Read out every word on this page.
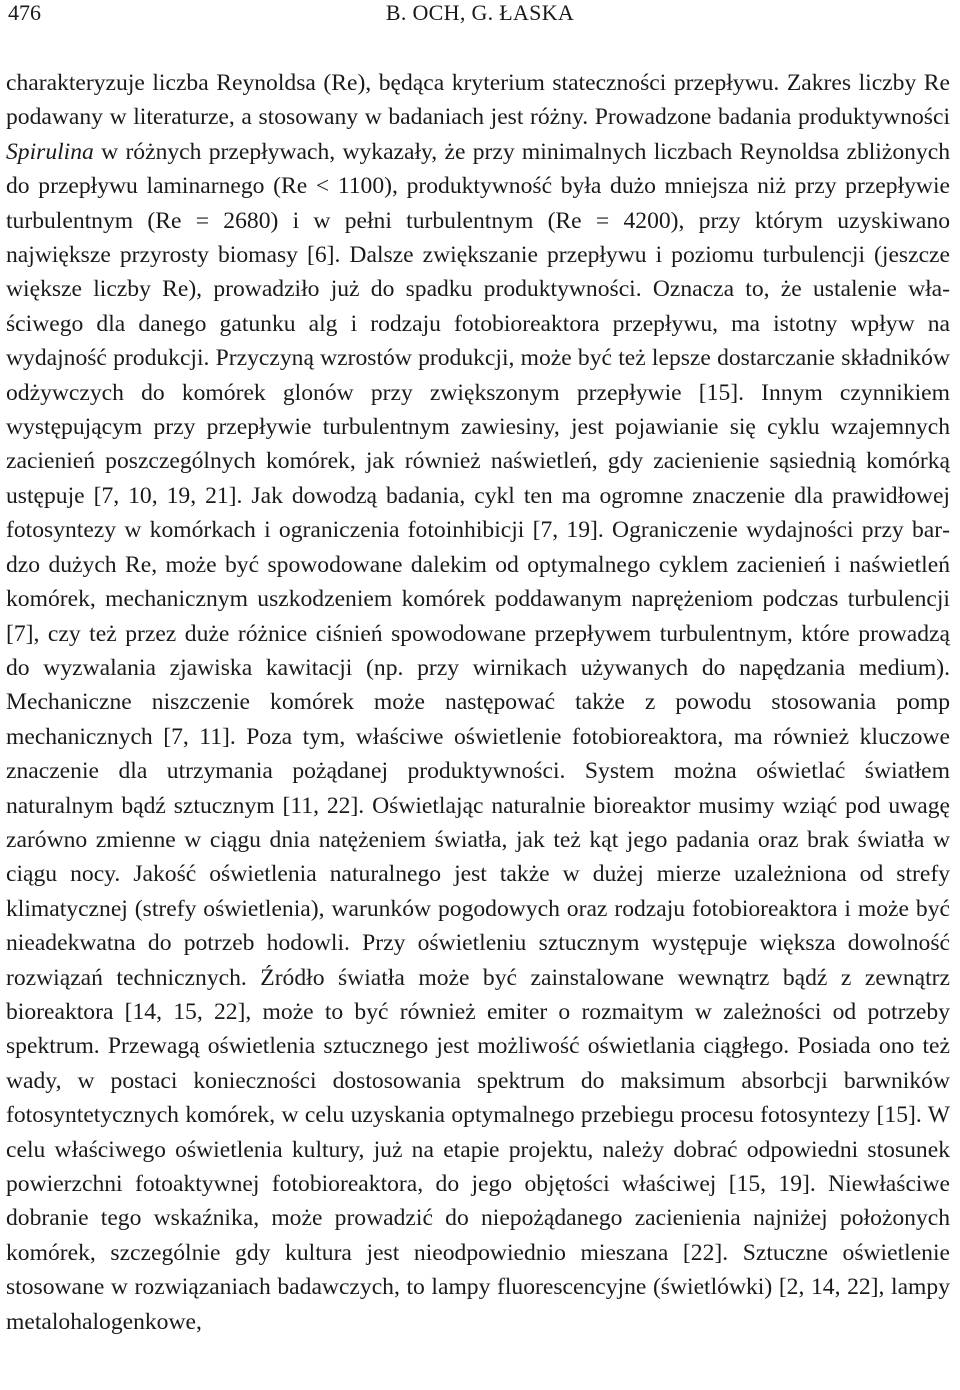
476	B. OCH, G. ŁASKA

charakteryzuje liczba Reynoldsa (Re), będąca kryterium stateczności przepływu. Zakres liczby Re podawany w literaturze, a stosowany w badaniach jest różny. Prowadzone badania produktywności Spirulina w różnych przepływach, wykazały, że przy minimalnych liczbach Reynoldsa zbliżonych do przepływu laminarnego (Re < 1100), produktywność była dużo mniejsza niż przy przepływie turbulentnym (Re = 2680) i w pełni turbulentnym (Re = 4200), przy którym uzyskiwano największe przyrosty biomasy [6]. Dalsze zwiększanie przepływu i poziomu turbulencji (jeszcze większe liczby Re), prowadziło już do spadku produktywności. Oznacza to, że ustalenie właściwego dla danego gatunku alg i rodzaju fotobioreaktora przepływu, ma istotny wpływ na wydajność produkcji. Przyczyną wzrostów produkcji, może być też lepsze dostarczanie składników odżywczych do komórek glonów przy zwiększonym przepływie [15]. Innym czynnikiem występującym przy przepływie turbulentnym zawiesiny, jest pojawianie się cyklu wzajemnych zacienień poszczególnych komórek, jak również naświetleń, gdy zacienienie sąsiednią komórką ustępuje [7, 10, 19, 21]. Jak dowodzą badania, cykl ten ma ogromne znaczenie dla prawidłowej fotosyntezy w komórkach i ograniczenia fotoinhibicji [7, 19]. Ograniczenie wydajności przy bardzo dużych Re, może być spowodowane dalekim od optymalnego cyklem zacienień i naświetleń komórek, mechanicznym uszkodzeniem komórek poddawanym naprężeniom podczas turbulencji [7], czy też przez duże różnice ciśnień spowodowane przepływem turbulentnym, które prowadzą do wyzwalania zjawiska kawitacji (np. przy wirnikach używanych do napędzania medium). Mechaniczne niszczenie komórek może następować także z powodu stosowania pomp mechanicznych [7, 11]. Poza tym, właściwe oświetlenie fotobioreaktora, ma również kluczowe znaczenie dla utrzymania pożądanej produktywności. System można oświetlać światłem naturalnym bądź sztucznym [11, 22]. Oświetlając naturalnie bioreaktor musimy wziąć pod uwagę zarówno zmienne w ciągu dnia natężeniem światła, jak też kąt jego padania oraz brak światła w ciągu nocy. Jakość oświetlenia naturalnego jest także w dużej mierze uzależniona od strefy klimatycznej (strefy oświetlenia), warunków pogodowych oraz rodzaju fotobioreaktora i może być nieadekwatna do potrzeb hodowli. Przy oświetleniu sztucznym występuje większa dowolność rozwiązań technicznych. Źródło światła może być zainstalowane wewnątrz bądź z zewnątrz bioreaktora [14, 15, 22], może to być również emiter o rozmaitym w zależności od potrzeby spektrum. Przewagą oświetlenia sztucznego jest możliwość oświetlania ciągłego. Posiada ono też wady, w postaci konieczności dostosowania spektrum do maksimum absorbcji barwników fotosyntetycznych komórek, w celu uzyskania optymalnego przebiegu procesu fotosyntezy [15]. W celu właściwego oświetlenia kultury, już na etapie projektu, należy dobrać odpowiedni stosunek powierzchni fotoaktywnej fotobioreaktora, do jego objętości właściwej [15, 19]. Niewłaściwe dobranie tego wskaźnika, może prowadzić do niepożądanego zacienienia najniżej położonych komórek, szczególnie gdy kultura jest nieodpowiednio mieszana [22]. Sztuczne oświetlenie stosowane w rozwiązaniach badawczych, to lampy fluorescencyjne (świetlówki) [2, 14, 22], lampy metalohalogenkowe,
